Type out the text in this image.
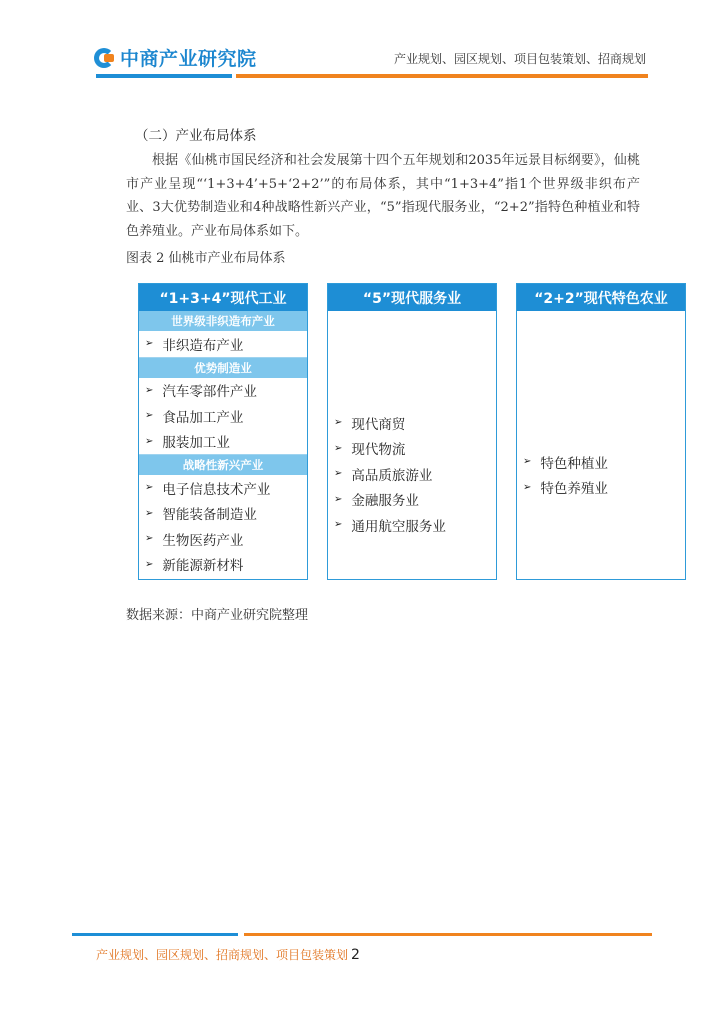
中商产业研究院	产业规划、园区规划、项目包装策划、招商规划
（二）产业布局体系
根据《仙桃市国民经济和社会发展第十四个五年规划和2035年远景目标纲要》，仙桃市产业呈现“‘1+3+4’+5+‘2+2’”的布局体系，其中“1+3+4”指1个世界级非织布产业、3大优势制造业和4种战略性新兴产业，“5”指现代服务业，“2+2”指特色种植业和特色养殖业。产业布局体系如下。
图表 2 仙桃市产业布局体系
“1+3+4”现代工业
世界级非织造布产业
➢ 非织造布产业
优势制造业
➢ 汽车零部件产业
➢ 食品加工产业
➢ 服装加工业
战略性新兴产业
➢ 电子信息技术产业
➢ 智能装备制造业
➢ 生物医药产业
➢ 新能源新材料
“5”现代服务业
➢ 现代商贸
➢ 现代物流
➢ 高品质旅游业
➢ 金融服务业
➢ 通用航空服务业
“2+2”现代特色农业
➢ 特色种植业
➢ 特色养殖业
数据来源：中商产业研究院整理
产业规划、园区规划、招商规划、项目包装策划 2
